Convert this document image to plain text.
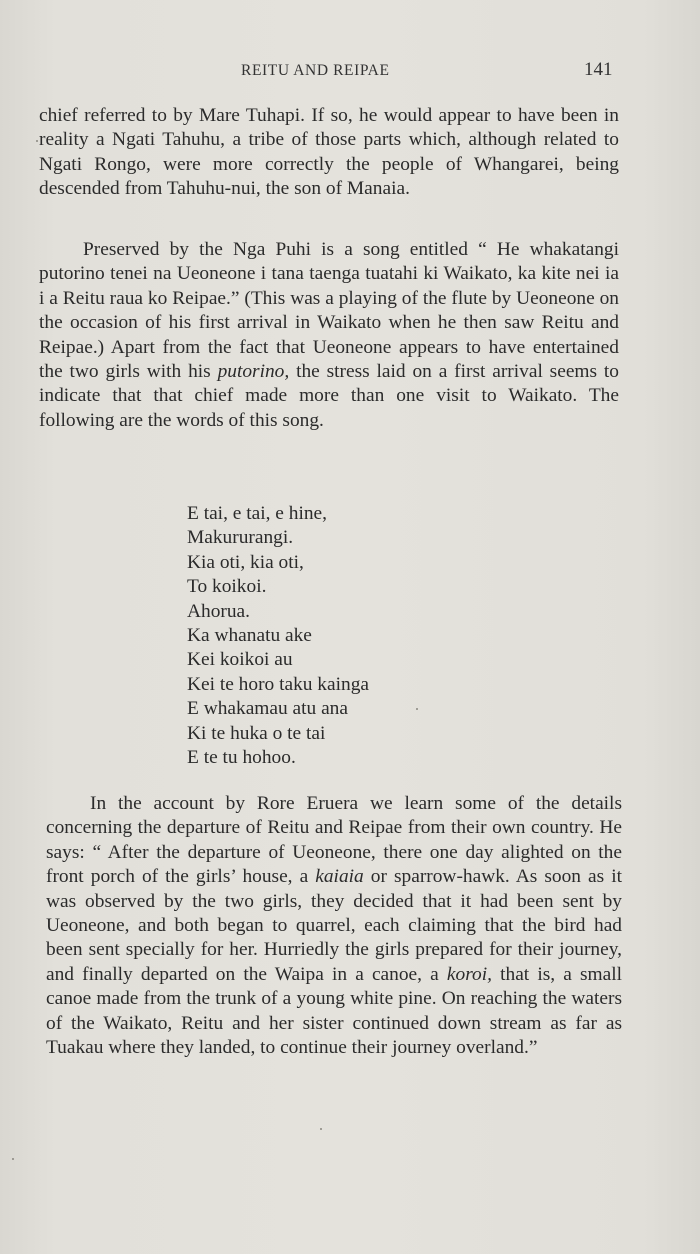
REITU AND REIPAE	141

chief referred to by Mare Tuhapi. If so, he would appear to have been in reality a Ngati Tahuhu, a tribe of those parts which, although related to Ngati Rongo, were more correctly the people of Whangarei, being descended from Tahuhu-nui, the son of Manaia.

Preserved by the Nga Puhi is a song entitled “ He whakatangi putorino tenei na Ueoneone i tana taenga tuatahi ki Waikato, ka kite nei ia i a Reitu raua ko Reipae.” (This was a playing of the flute by Ueoneone on the occasion of his first arrival in Waikato when he then saw Reitu and Reipae.) Apart from the fact that Ueoneone appears to have entertained the two girls with his putorino, the stress laid on a first arrival seems to indicate that that chief made more than one visit to Waikato. The following are the words of this song.

E tai, e tai, e hine,
Makururangi.
Kia oti, kia oti,
To koikoi.
Ahorua.
Ka whanatu ake
Kei koikoi au
Kei te horo taku kainga
E whakamau atu ana
Ki te huka o te tai
E te tu hohoo.

In the account by Rore Eruera we learn some of the details concerning the departure of Reitu and Reipae from their own country. He says: “ After the departure of Ueoneone, there one day alighted on the front porch of the girls’ house, a kaiaia or sparrow-hawk. As soon as it was observed by the two girls, they decided that it had been sent by Ueoneone, and both began to quarrel, each claiming that the bird had been sent specially for her. Hurriedly the girls prepared for their journey, and finally departed on the Waipa in a canoe, a koroi, that is, a small canoe made from the trunk of a young white pine. On reaching the waters of the Waikato, Reitu and her sister continued down stream as far as Tuakau where they landed, to continue their journey overland.”
